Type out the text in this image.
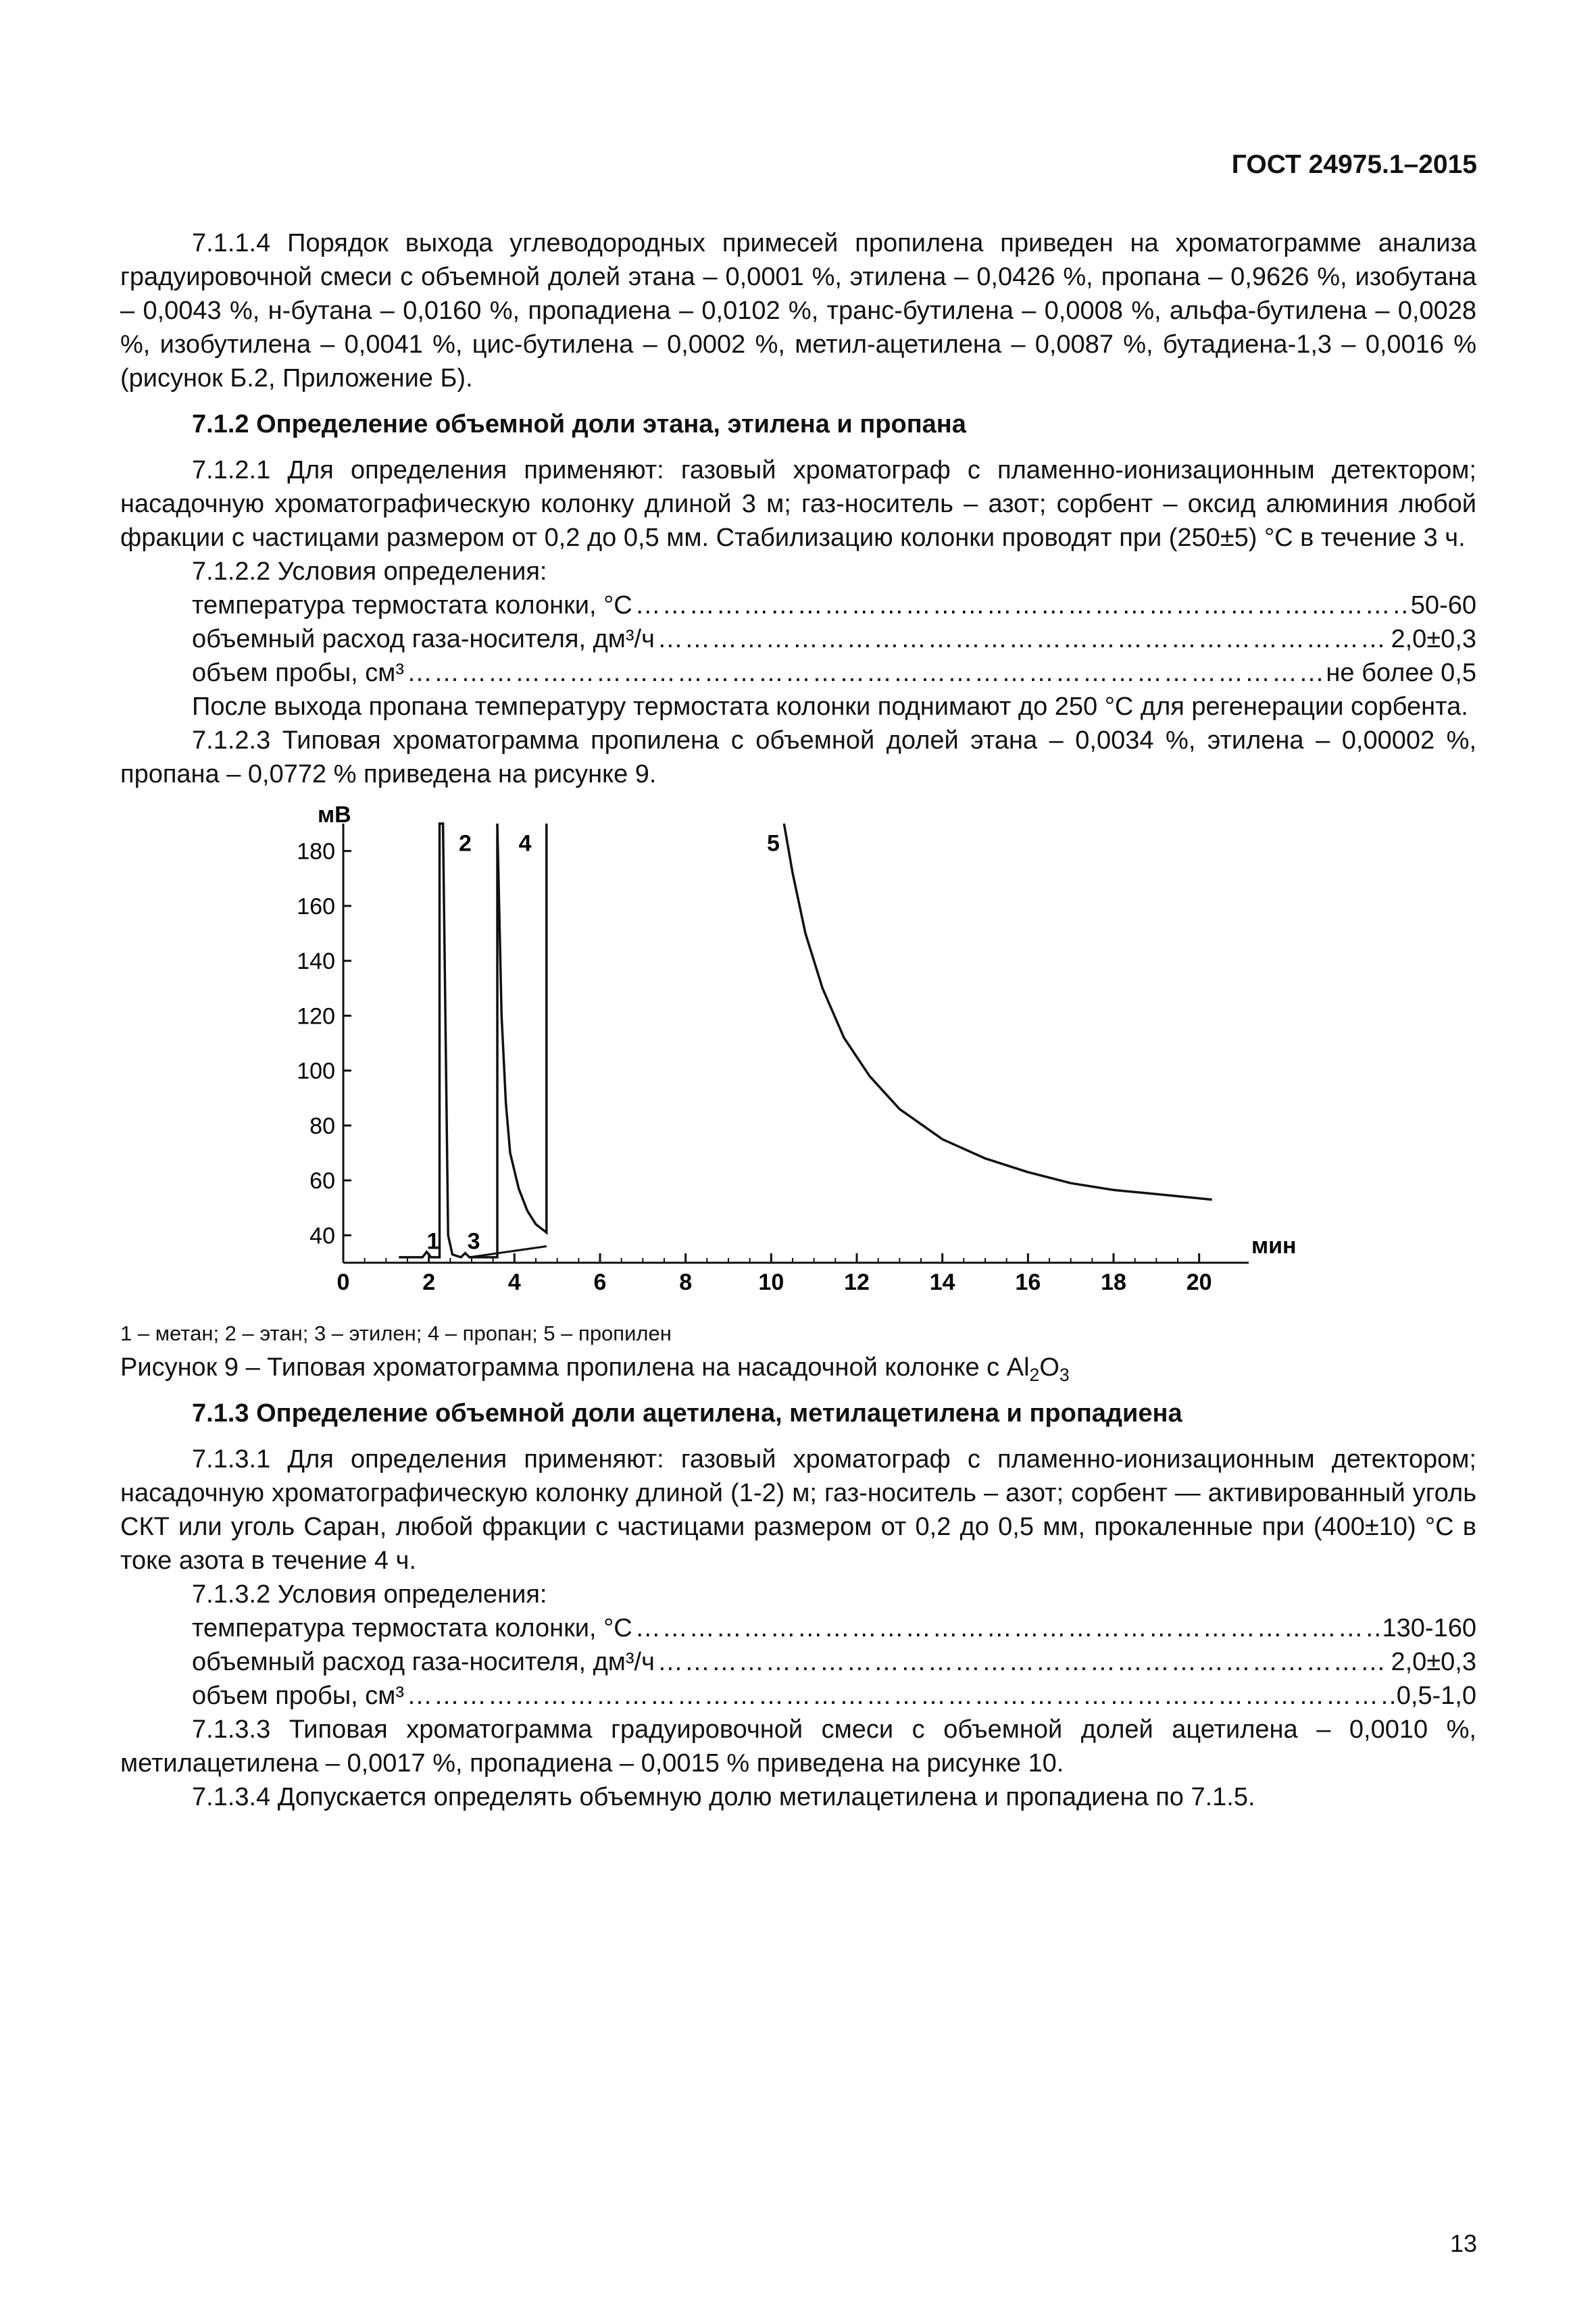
ГОСТ 24975.1–2015

7.1.1.4 Порядок выхода углеводородных примесей пропилена приведен на хроматограмме анализа градуировочной смеси с объемной долей этана – 0,0001 %, этилена – 0,0426 %, пропана – 0,9626 %, изобутана – 0,0043 %, н-бутана – 0,0160 %, пропадиена – 0,0102 %, транс-бутилена – 0,0008 %, альфа-бутилена – 0,0028 %, изобутилена – 0,0041 %, цис-бутилена – 0,0002 %, метил-ацетилена – 0,0087 %, бутадиена-1,3 – 0,0016 % (рисунок Б.2, Приложение Б).

7.1.2 Определение объемной доли этана, этилена и пропана

7.1.2.1 Для определения применяют: газовый хроматограф с пламенно-ионизационным детектором; насадочную хроматографическую колонку длиной 3 м; газ-носитель – азот; сорбент – оксид алюминия любой фракции с частицами размером от 0,2 до 0,5 мм. Стабилизацию колонки проводят при (250±5) °С в течение 3 ч.

7.1.2.2 Условия определения:

температура термостата колонки, °С ……………………………………………………………………………………………………………………………………………………………………	50-60
объемный расход газа-носителя, дм³/ч ……………………………………………………………………………………………………………………………………………………………………	2,0±0,3
объем пробы, см³ ……………………………………………………………………………………………………………………………………………………………………	не более 0,5

После выхода пропана температуру термостата колонки поднимают до 250 °С для регенерации сорбента.

7.1.2.3 Типовая хроматограмма пропилена с объемной долей этана – 0,0034 %, этилена – 0,00002 %, пропана – 0,0772 % приведена на рисунке 9.

мВ
мин
40
60
80
100
120
140
160
180
0	2	4	6	8	10	12	14	16	18	20
1
2
3
4	5

1 – метан; 2 – этан; 3 – этилен; 4 – пропан; 5 – пропилен

Рисунок 9 – Типовая хроматограмма пропилена на насадочной колонке с $Al_2O_3$

7.1.3 Определение объемной доли ацетилена, метилацетилена и пропадиена

7.1.3.1 Для определения применяют: газовый хроматограф с пламенно-ионизационным детектором; насадочную хроматографическую колонку длиной (1-2) м; газ-носитель – азот; сорбент — активированный уголь СКТ или уголь Саран, любой фракции с частицами размером от 0,2 до 0,5 мм, прокаленные при (400±10) °С в токе азота в течение 4 ч.

7.1.3.2 Условия определения:

температура термостата колонки, °С ……………………………………………………………………………………………………………………………………………………………………	130-160
объемный расход газа-носителя, дм³/ч ……………………………………………………………………………………………………………………………………………………………………	2,0±0,3
объем пробы, см³ ……………………………………………………………………………………………………………………………………………………………………	0,5-1,0

7.1.3.3 Типовая хроматограмма градуировочной смеси с объемной долей ацетилена – 0,0010 %, метилацетилена – 0,0017 %, пропадиена – 0,0015 % приведена на рисунке 10.

7.1.3.4 Допускается определять объемную долю метилацетилена и пропадиена по 7.1.5.

13
